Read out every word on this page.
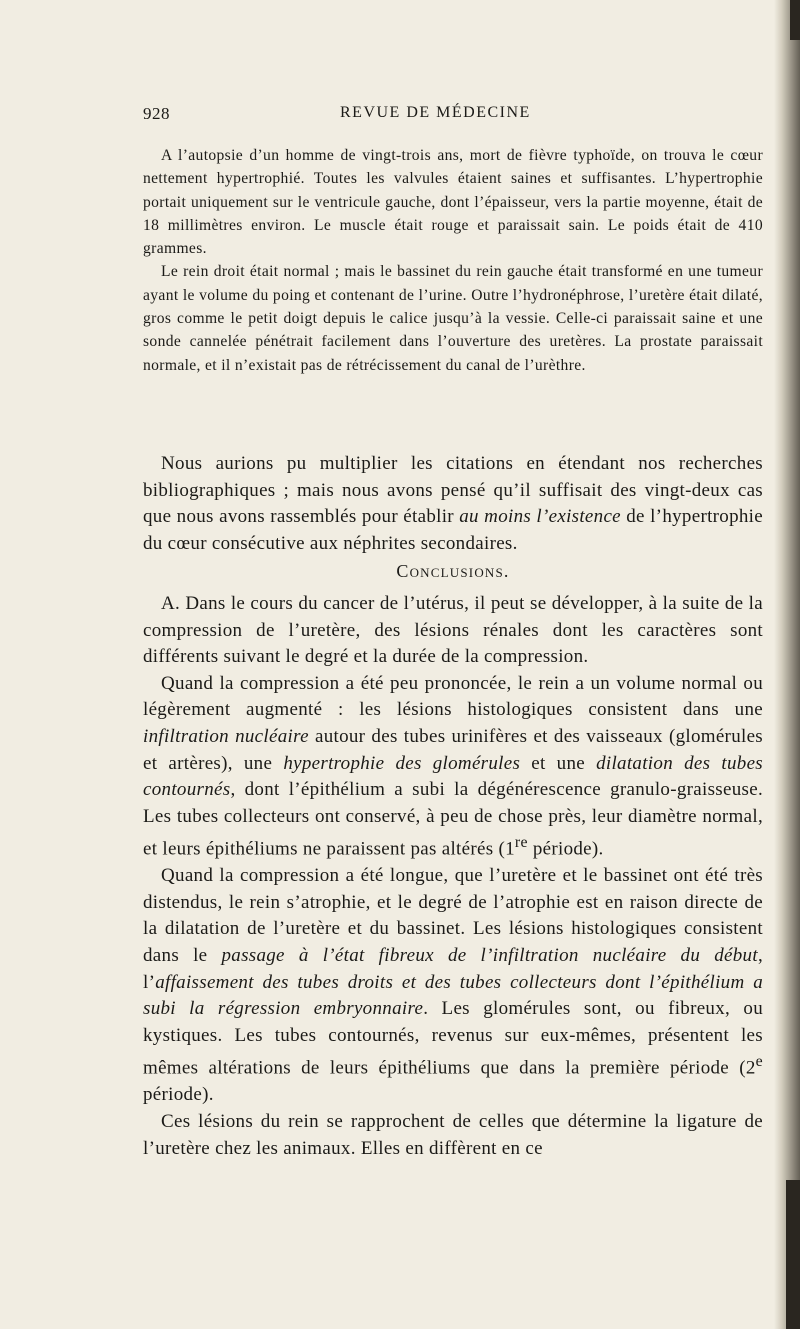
928	REVUE DE MÉDECINE

A l’autopsie d’un homme de vingt-trois ans, mort de fièvre typhoïde, on trouva le cœur nettement hypertrophié. Toutes les valvules étaient saines et suffisantes. L’hypertrophie portait uniquement sur le ventricule gauche, dont l’épaisseur, vers la partie moyenne, était de 18 millimètres environ. Le muscle était rouge et paraissait sain. Le poids était de 410 grammes.

Le rein droit était normal ; mais le bassinet du rein gauche était transformé en une tumeur ayant le volume du poing et contenant de l’urine. Outre l’hydronéphrose, l’uretère était dilaté, gros comme le petit doigt depuis le calice jusqu’à la vessie. Celle-ci paraissait saine et une sonde cannelée pénétrait facilement dans l’ouverture des uretères. La prostate paraissait normale, et il n’existait pas de rétrécissement du canal de l’urèthre.

Nous aurions pu multiplier les citations en étendant nos recherches bibliographiques ; mais nous avons pensé qu’il suffisait des vingt-deux cas que nous avons rassemblés pour établir au moins l’existence de l’hypertrophie du cœur consécutive aux néphrites secondaires.

Conclusions.

A. Dans le cours du cancer de l’utérus, il peut se développer, à la suite de la compression de l’uretère, des lésions rénales dont les caractères sont différents suivant le degré et la durée de la compression.

Quand la compression a été peu prononcée, le rein a un volume normal ou légèrement augmenté : les lésions histologiques consistent dans une infiltration nucléaire autour des tubes urinifères et des vaisseaux (glomérules et artères), une hypertrophie des glomérules et une dilatation des tubes contournés, dont l’épithélium a subi la dégénérescence granulo-graisseuse. Les tubes collecteurs ont conservé, à peu de chose près, leur diamètre normal, et leurs épithéliums ne paraissent pas altérés (1re période).

Quand la compression a été longue, que l’uretère et le bassinet ont été très distendus, le rein s’atrophie, et le degré de l’atrophie est en raison directe de la dilatation de l’uretère et du bassinet. Les lésions histologiques consistent dans le passage à l’état fibreux de l’infiltration nucléaire du début, l’affaissement des tubes droits et des tubes collecteurs dont l’épithélium a subi la régression embryonnaire. Les glomérules sont, ou fibreux, ou kystiques. Les tubes contournés, revenus sur eux-mêmes, présentent les mêmes altérations de leurs épithéliums que dans la première période (2e période).

Ces lésions du rein se rapprochent de celles que détermine la ligature de l’uretère chez les animaux. Elles en diffèrent en ce
